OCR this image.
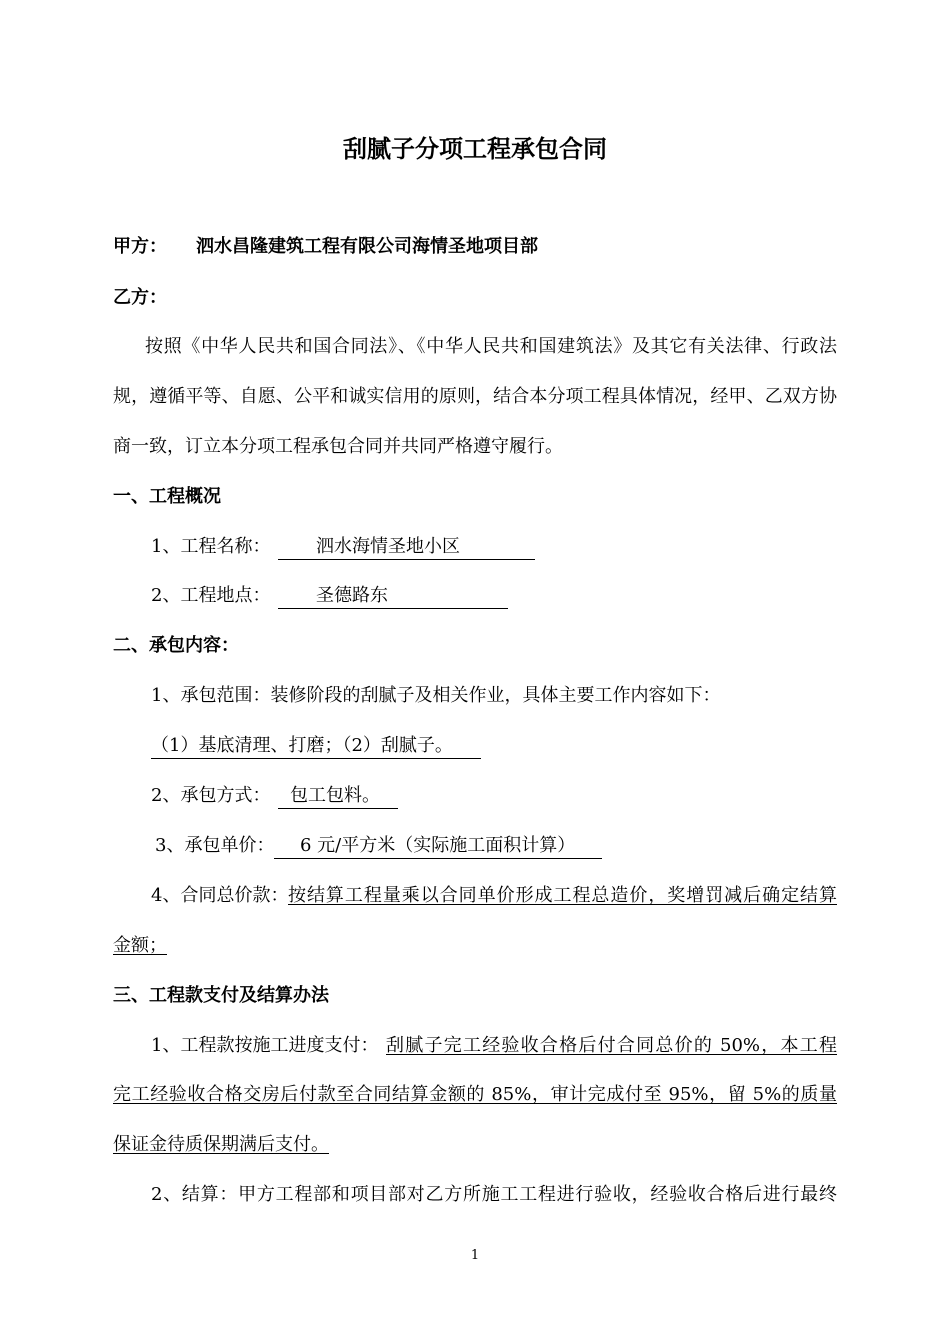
刮腻子分项工程承包合同
甲方： 泗水昌隆建筑工程有限公司海情圣地项目部
乙方：
按照《中华人民共和国合同法》、《中华人民共和国建筑法》及其它有关法律、行政法
规，遵循平等、自愿、公平和诚实信用的原则，结合本分项工程具体情况，经甲、乙双方协
商一致，订立本分项工程承包合同并共同严格遵守履行。
一、工程概况
1、工程名称：	泗水海情圣地小区
2、工程地点：	圣德路东
二、承包内容：
1、承包范围：装修阶段的刮腻子及相关作业，具体主要工作内容如下：
（1）基底清理、打磨；（2）刮腻子。
2、承包方式：	包工包料。
3、承包单价：	6 元/平方米（实际施工面积计算）
4、合同总价款： 按结算工程量乘以合同单价形成工程总造价，奖增罚减后确定结算
金额；
三、工程款支付及结算办法
1、工程款按施工进度支付： 刮腻子完工经验收合格后付合同总价的 50%，本工程
完工经验收合格交房后付款至合同结算金额的 85%，审计完成付至 95%，留 5%的质量
保证金待质保期满后支付。
2、结算：甲方工程部和项目部对乙方所施工工程进行验收，经验收合格后进行最终
1
